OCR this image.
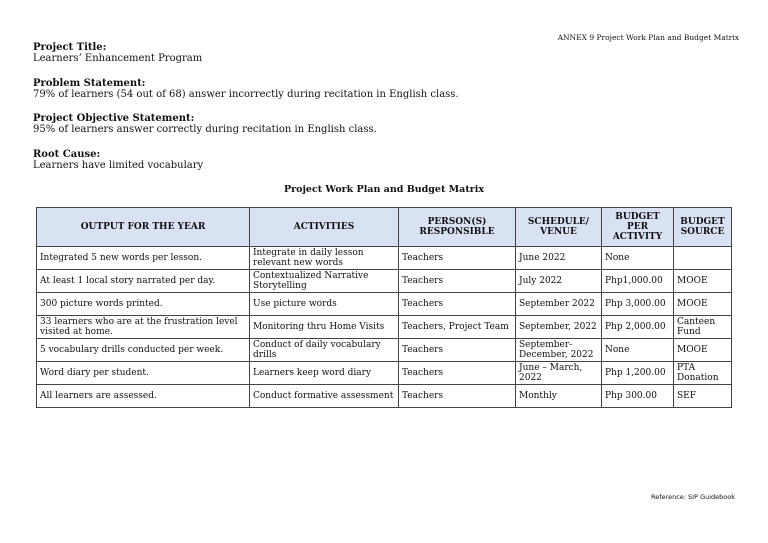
ANNEX 9 Project Work Plan and Budget Matrix
Project Title:
Learners’ Enhancement Program
Problem Statement:
79% of learners (54 out of 68) answer incorrectly during recitation in English class.
Project Objective Statement:
95% of learners answer correctly during recitation in English class.
Root Cause:
Learners have limited vocabulary
Project Work Plan and Budget Matrix
OUTPUT FOR THE YEAR	ACTIVITIES	PERSON(S) RESPONSIBLE	SCHEDULE/ VENUE	BUDGET PER ACTIVITY	BUDGET SOURCE
Integrated 5 new words per lesson.	Integrate in daily lesson relevant new words	Teachers	June 2022	None	
At least 1 local story narrated per day.	Contextualized Narrative Storytelling	Teachers	July 2022	Php1,000.00	MOOE
300 picture words printed.	Use picture words	Teachers	September 2022	Php 3,000.00	MOOE
33 learners who are at the frustration level visited at home.	Monitoring thru Home Visits	Teachers, Project Team	September, 2022	Php 2,000.00	Canteen Fund
5 vocabulary drills conducted per week.	Conduct of daily vocabulary drills	Teachers	September-December, 2022	None	MOOE
Word diary per student.	Learners keep word diary	Teachers	June – March, 2022	Php 1,200.00	PTA Donation
All learners are assessed.	Conduct formative assessment	Teachers	Monthly	Php 300.00	SEF
Reference: SIP Guidebook
